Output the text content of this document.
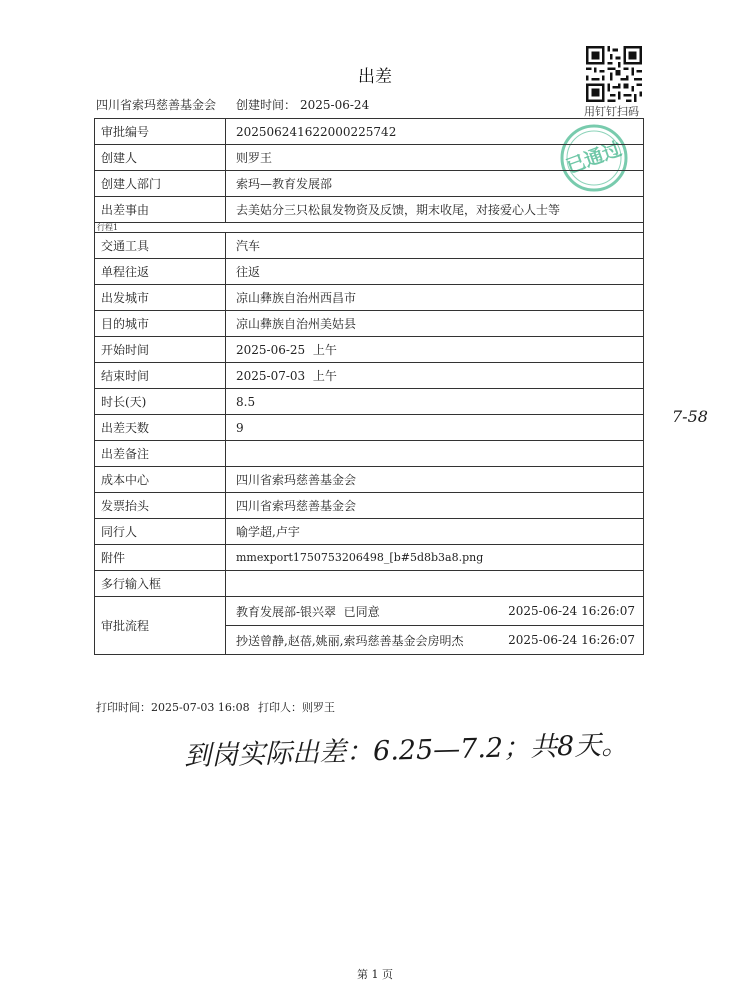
出差
四川省索玛慈善基金会 创建时间： 2025-06-24	用钉钉扫码
已通过
审批编号	202506241622000225742
创建人	则罗王
创建人部门	索玛—教育发展部
出差事由	去美姑分三只松鼠发物资及反馈，期末收尾，对接爱心人士等
行程1	
交通工具	汽车
单程往返	往返
出发城市	凉山彝族自治州西昌市
目的城市	凉山彝族自治州美姑县
开始时间	2025-06-25  上午
结束时间	2025-07-03  上午
时长(天)	8.5
出差天数	9
出差备注	
成本中心	四川省索玛慈善基金会
发票抬头	四川省索玛慈善基金会
同行人	喻学超,卢宇
附件	mmexport1750753206498_[b#5d8b3a8.png
多行输入框	
审批流程	教育发展部-银兴翠  已同意 2025-06-24 16:26:07
抄送曾静,赵蓓,姚丽,索玛慈善基金会房明杰 2025-06-24 16:26:07
打印时间：2025-07-03 16:08 打印人：则罗王
到岗实际出差：6.25—7.2；共8天。
7-58
第 1 页
